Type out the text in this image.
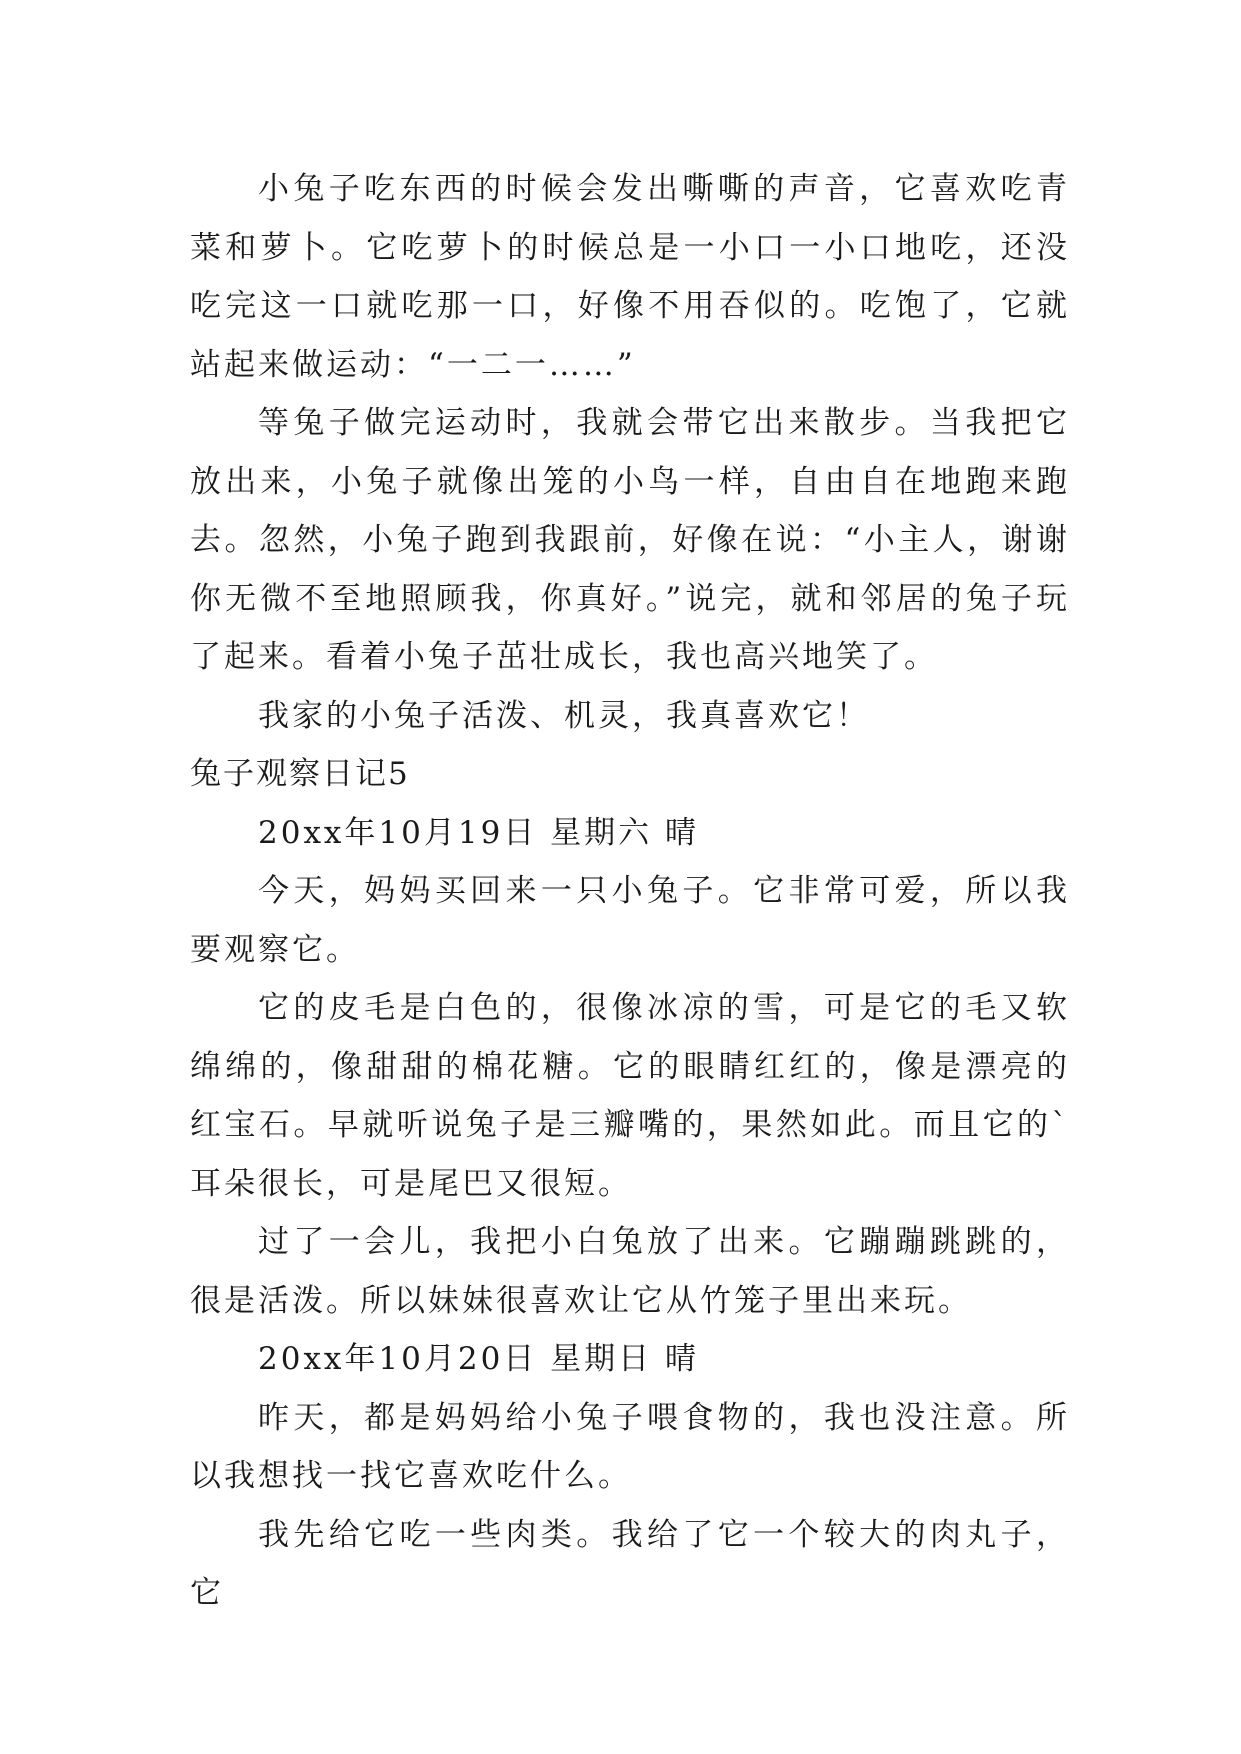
小兔子吃东西的时候会发出嘶嘶的声音，它喜欢吃青菜和萝卜。它吃萝卜的时候总是一小口一小口地吃，还没吃完这一口就吃那一口，好像不用吞似的。吃饱了，它就站起来做运动：“一二一……”

等兔子做完运动时，我就会带它出来散步。当我把它放出来，小兔子就像出笼的小鸟一样，自由自在地跑来跑去。忽然，小兔子跑到我跟前，好像在说：“小主人，谢谢你无微不至地照顾我，你真好。”说完，就和邻居的兔子玩了起来。看着小兔子茁壮成长，我也高兴地笑了。

我家的小兔子活泼、机灵，我真喜欢它！

兔子观察日记5

20xx年10月19日 星期六 晴

今天，妈妈买回来一只小兔子。它非常可爱，所以我要观察它。

它的皮毛是白色的，很像冰凉的雪，可是它的毛又软绵绵的，像甜甜的棉花糖。它的眼睛红红的，像是漂亮的红宝石。早就听说兔子是三瓣嘴的，果然如此。而且它的`耳朵很长，可是尾巴又很短。

过了一会儿，我把小白兔放了出来。它蹦蹦跳跳的，很是活泼。所以妹妹很喜欢让它从竹笼子里出来玩。

20xx年10月20日 星期日 晴

昨天，都是妈妈给小兔子喂食物的，我也没注意。所以我想找一找它喜欢吃什么。

我先给它吃一些肉类。我给了它一个较大的肉丸子，它
